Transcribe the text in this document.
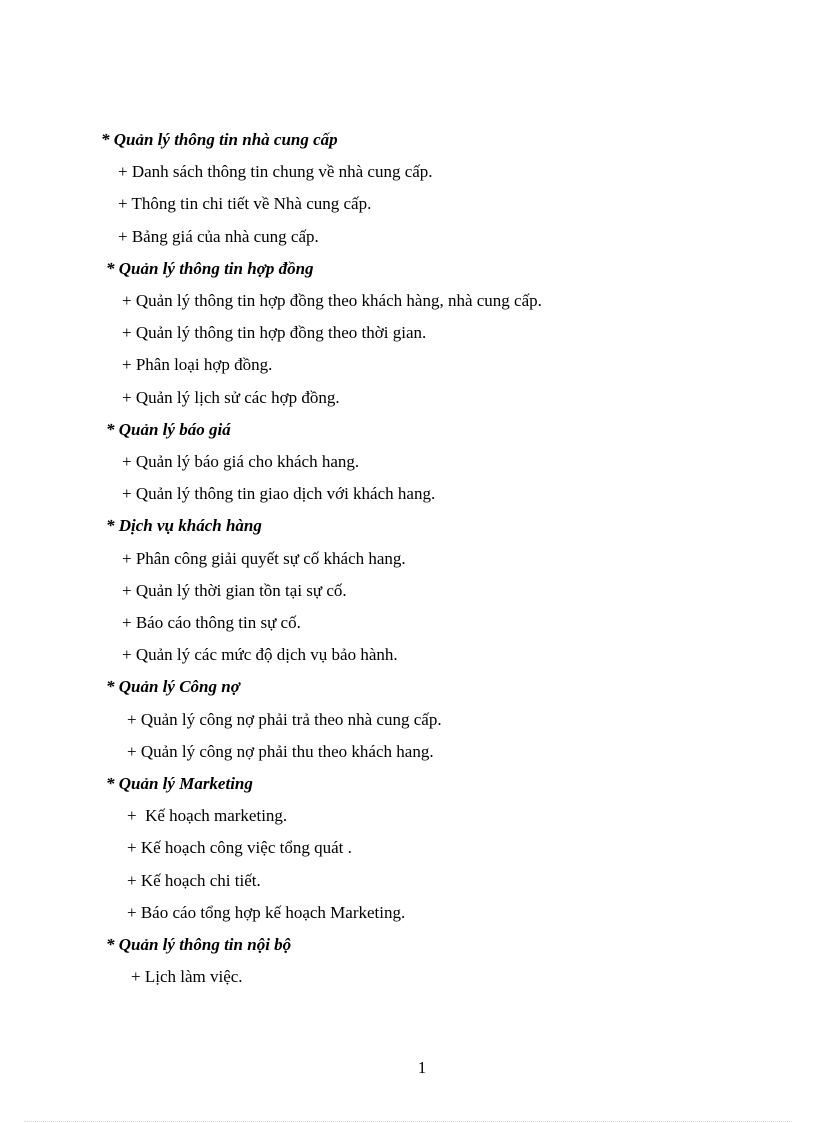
* Quản lý thông tin nhà cung cấp
+ Danh sách thông tin chung về nhà cung cấp.
+ Thông tin chi tiết về Nhà cung cấp.
+ Bảng giá của nhà cung cấp.
* Quản lý thông tin hợp đồng
+ Quản lý thông tin hợp đồng theo khách hàng, nhà cung cấp.
+ Quản lý thông tin hợp đồng theo thời gian.
+ Phân loại hợp đồng.
+ Quản lý lịch sử các hợp đồng.
* Quản lý báo giá
+ Quản lý báo giá cho khách hang.
+ Quản lý thông tin giao dịch với khách hang.
* Dịch vụ khách hàng
+ Phân công giải quyết sự cố khách hang.
+ Quản lý thời gian tồn tại sự cố.
+ Báo cáo thông tin sự cố.
+ Quản lý các mức độ dịch vụ bảo hành.
* Quản lý Công nợ
+ Quản lý công nợ phải trả theo nhà cung cấp.
+ Quản lý công nợ phải thu theo khách hang.
* Quản lý Marketing
+  Kế hoạch marketing.
+ Kế hoạch công việc tổng quát .
+ Kế hoạch chi tiết.
+ Báo cáo tổng hợp kế hoạch Marketing.
* Quản lý thông tin nội bộ
+ Lịch làm việc.
1
